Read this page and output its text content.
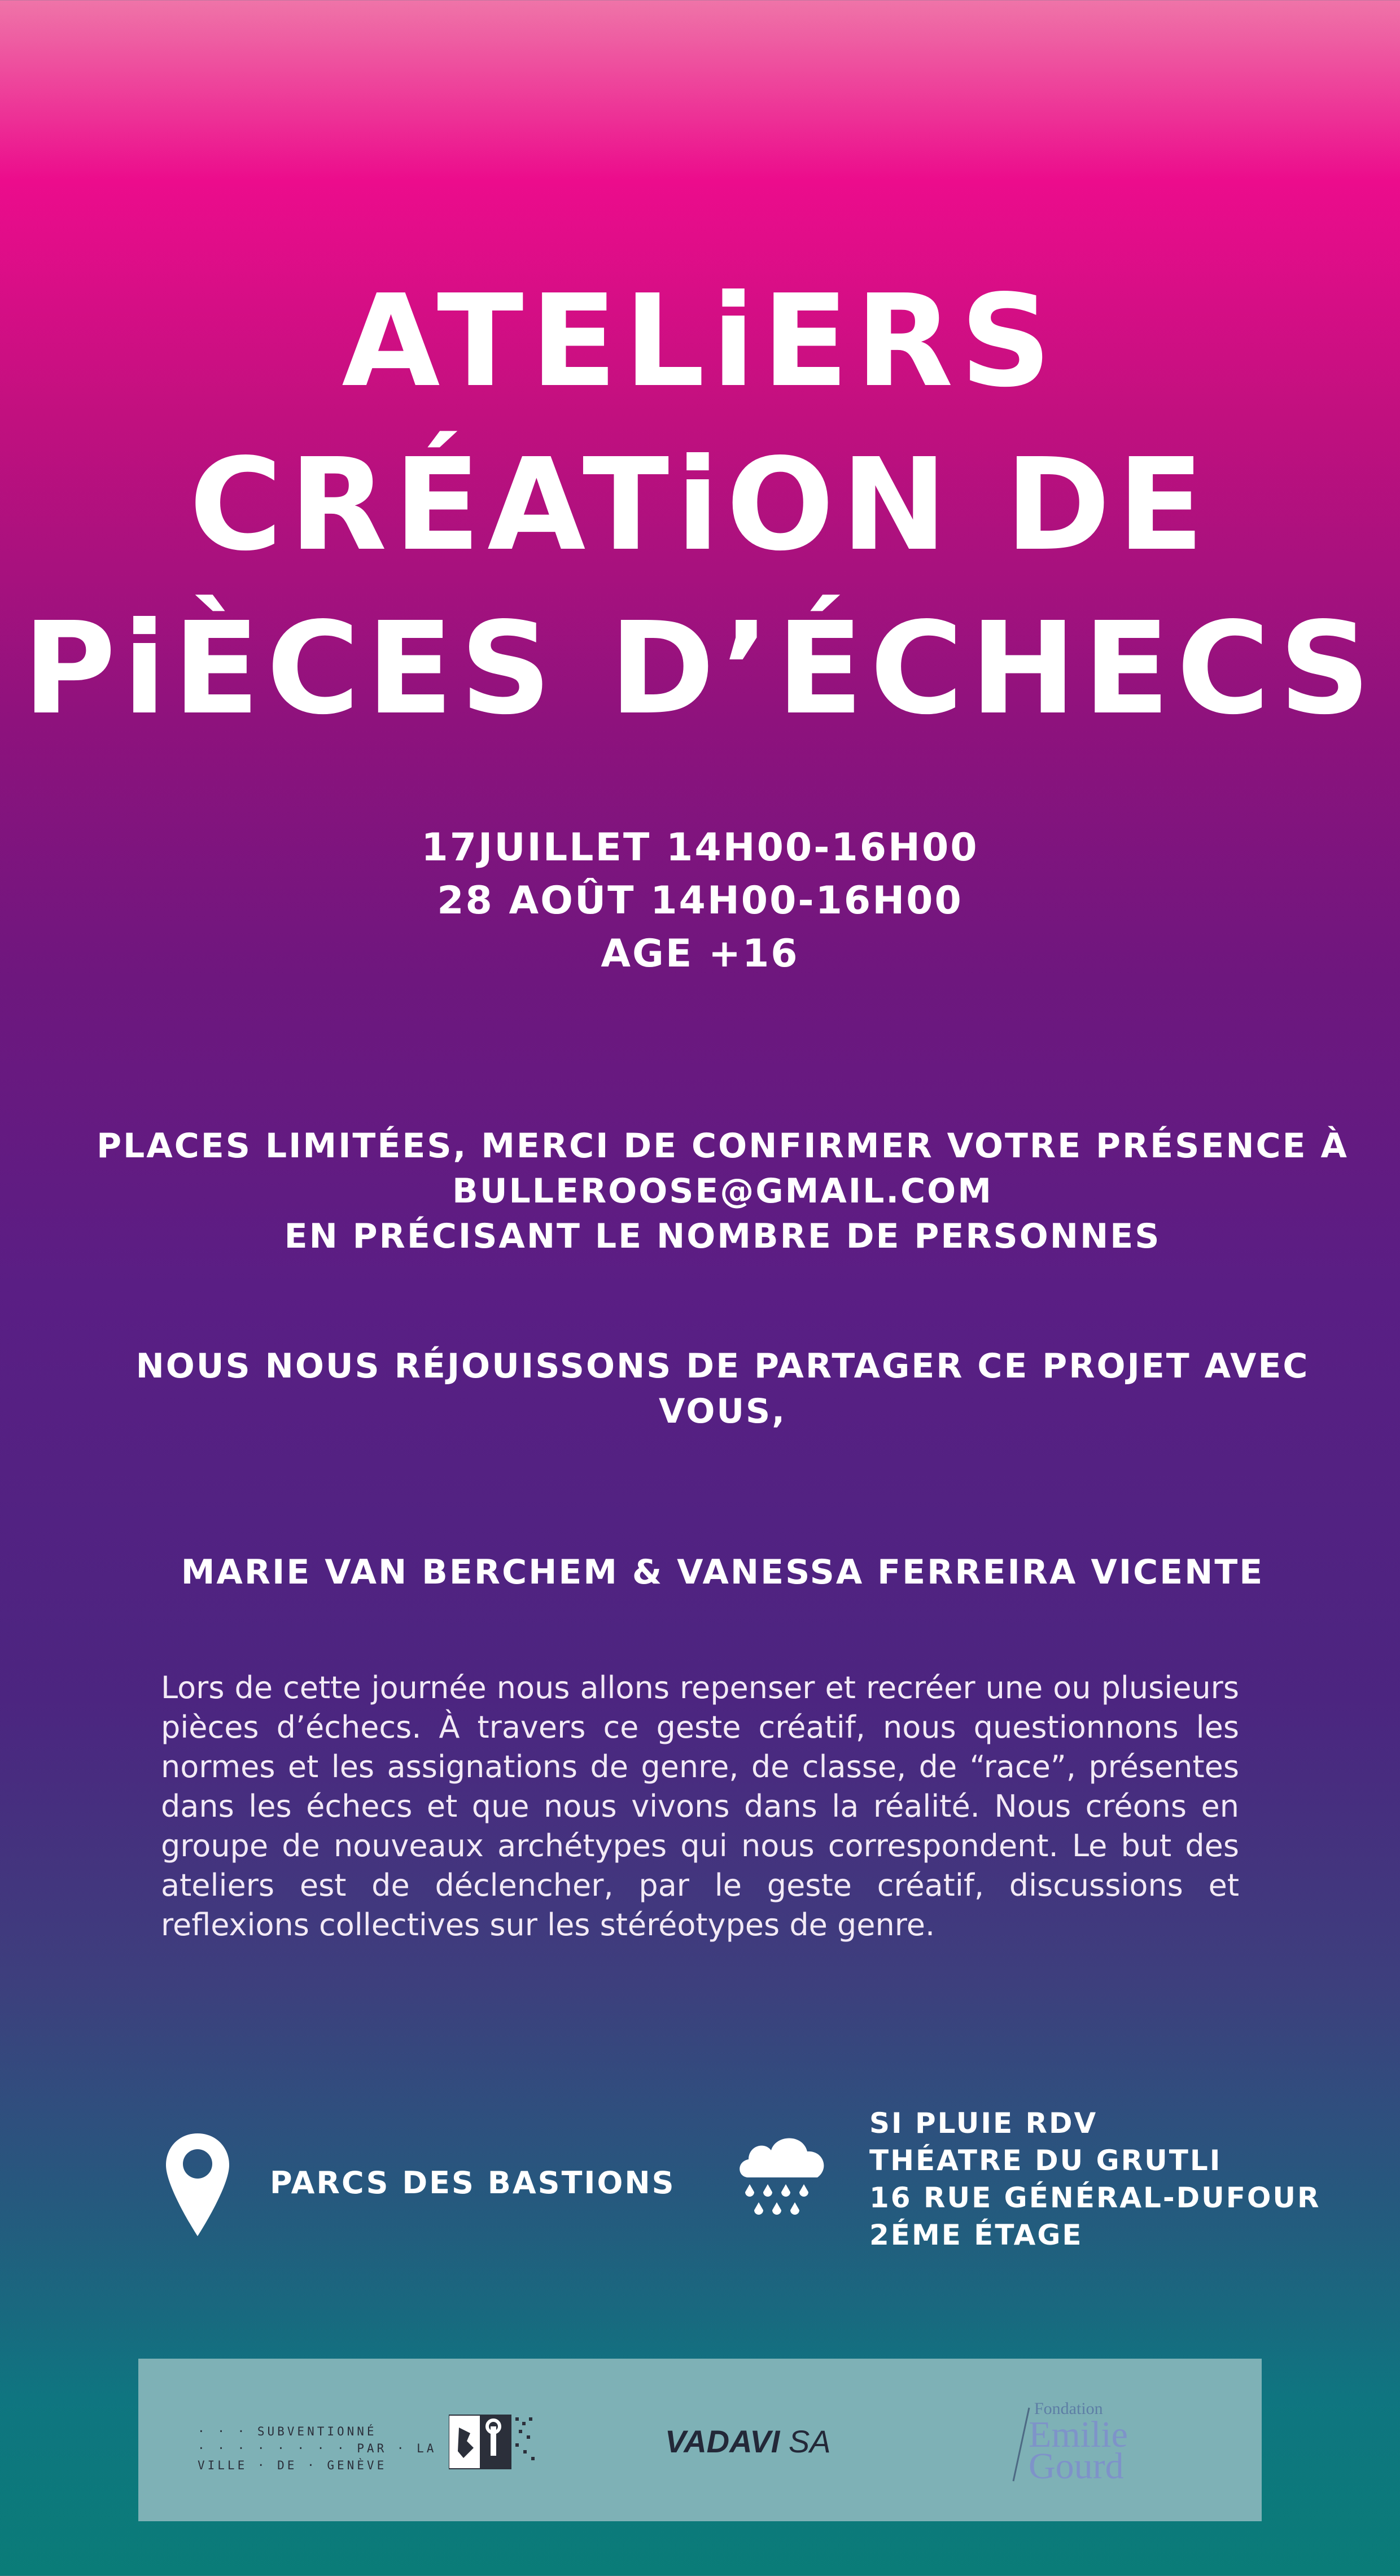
ATELiERS
CRÉATiON DE
PiÈCES D’ÉCHECS
17JUILLET 14H00-16H00
28 AOÛT 14H00-16H00
AGE +16
PLACES LIMITÉES, MERCI DE CONFIRMER VOTRE PRÉSENCE À
BULLEROOSE@GMAIL.COM
EN PRÉCISANT LE NOMBRE DE PERSONNES
NOUS NOUS RÉJOUISSONS DE PARTAGER CE PROJET AVEC
VOUS,
MARIE VAN BERCHEM & VANESSA FERREIRA VICENTE
Lors de cette journée nous allons repenser et recréer une ou plusieurs pièces d’échecs. À travers ce geste créatif, nous questionnons les normes et les assignations de genre, de classe, de “race”, présentes dans les échecs et que nous vivons dans la réalité. Nous créons en groupe de nouveaux archétypes qui nous correspondent. Le but des ateliers est de déclencher, par le geste créatif, discussions et reflexions collectives sur les stéréotypes de genre.
PARCS DES BASTIONS
SI PLUIE RDV
THÉATRE DU GRUTLI
16 RUE GÉNÉRAL-DUFOUR
2ÉME ÉTAGE
· · · SUBVENTIONNÉ
· · · · · · · · PAR · LA
VILLE · DE · GENÈVE
VADAVI SA
Fondation
Emilie
Gourd
